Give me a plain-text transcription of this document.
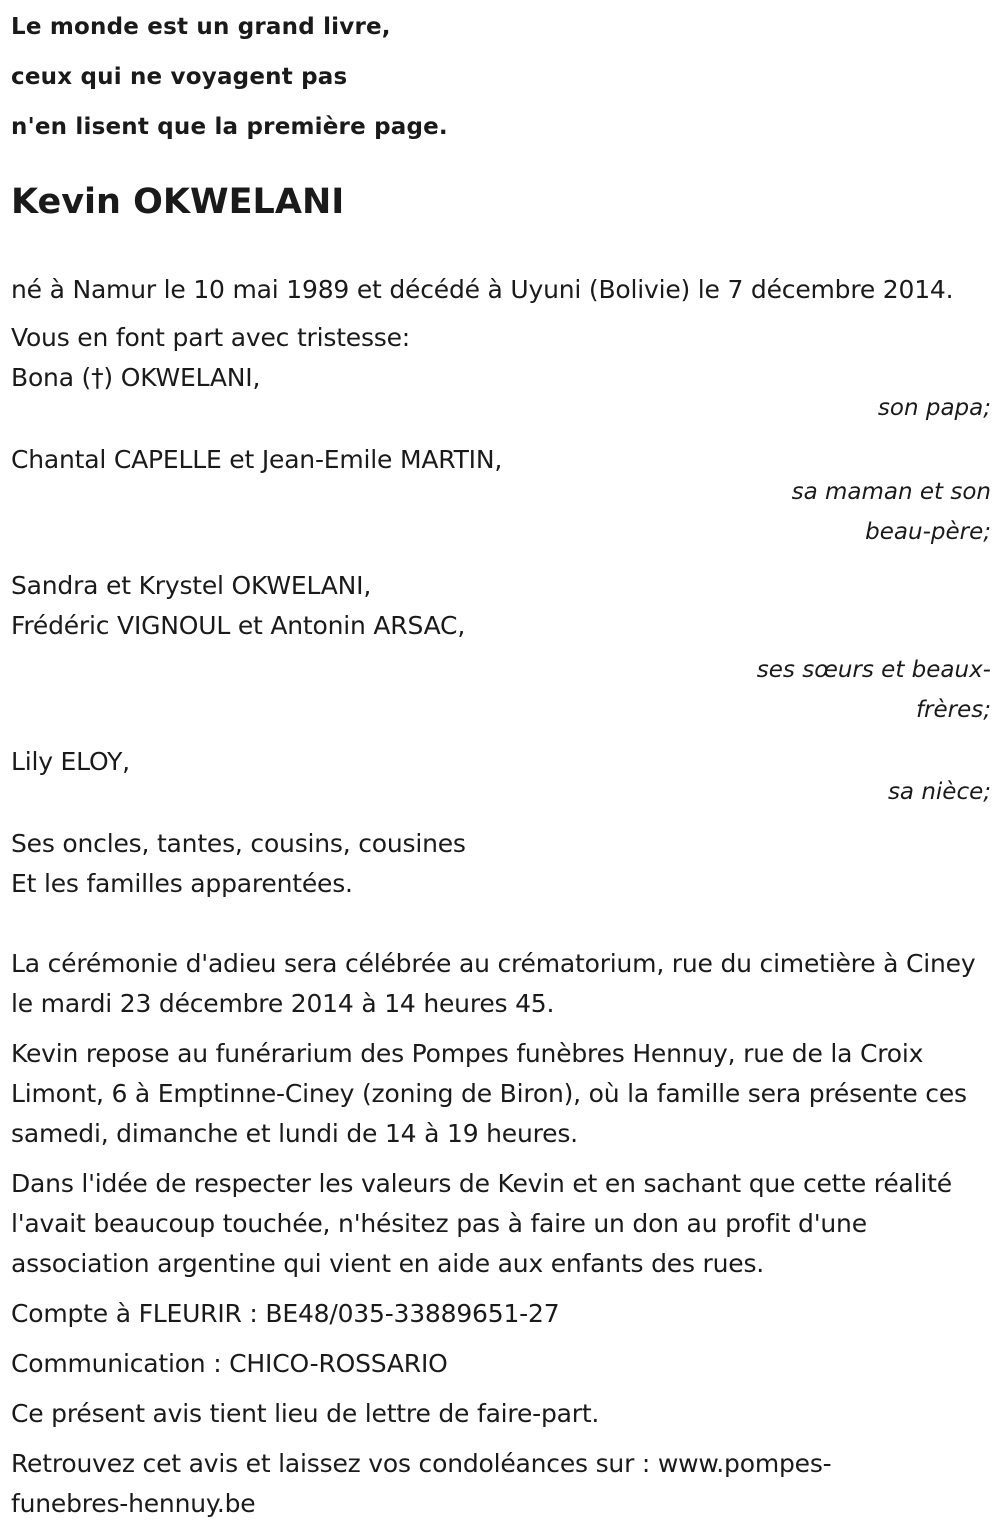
Le monde est un grand livre,
ceux qui ne voyagent pas
n'en lisent que la première page.
Kevin OKWELANI
né à Namur le 10 mai 1989 et décédé à Uyuni (Bolivie) le 7 décembre 2014.
Vous en font part avec tristesse:
Bona (†) OKWELANI,
son papa;
Chantal CAPELLE et Jean-Emile MARTIN,
sa maman et son
beau-père;
Sandra et Krystel OKWELANI,
Frédéric VIGNOUL et Antonin ARSAC,
ses sœurs et beaux-
frères;
Lily ELOY,
sa nièce;
Ses oncles, tantes, cousins, cousines
Et les familles apparentées.
La cérémonie d'adieu sera célébrée au crématorium, rue du cimetière à Ciney le mardi 23 décembre 2014 à 14 heures 45.
Kevin repose au funérarium des Pompes funèbres Hennuy, rue de la Croix Limont, 6 à Emptinne-Ciney (zoning de Biron), où la famille sera présente ces samedi, dimanche et lundi de 14 à 19 heures.
Dans l'idée de respecter les valeurs de Kevin et en sachant que cette réalité l'avait beaucoup touchée, n'hésitez pas à faire un don au profit d'une association argentine qui vient en aide aux enfants des rues.
Compte à FLEURIR : BE48/035-33889651-27
Communication : CHICO-ROSSARIO
Ce présent avis tient lieu de lettre de faire-part.
Retrouvez cet avis et laissez vos condoléances sur : www.pompes-
funebres-hennuy.be
